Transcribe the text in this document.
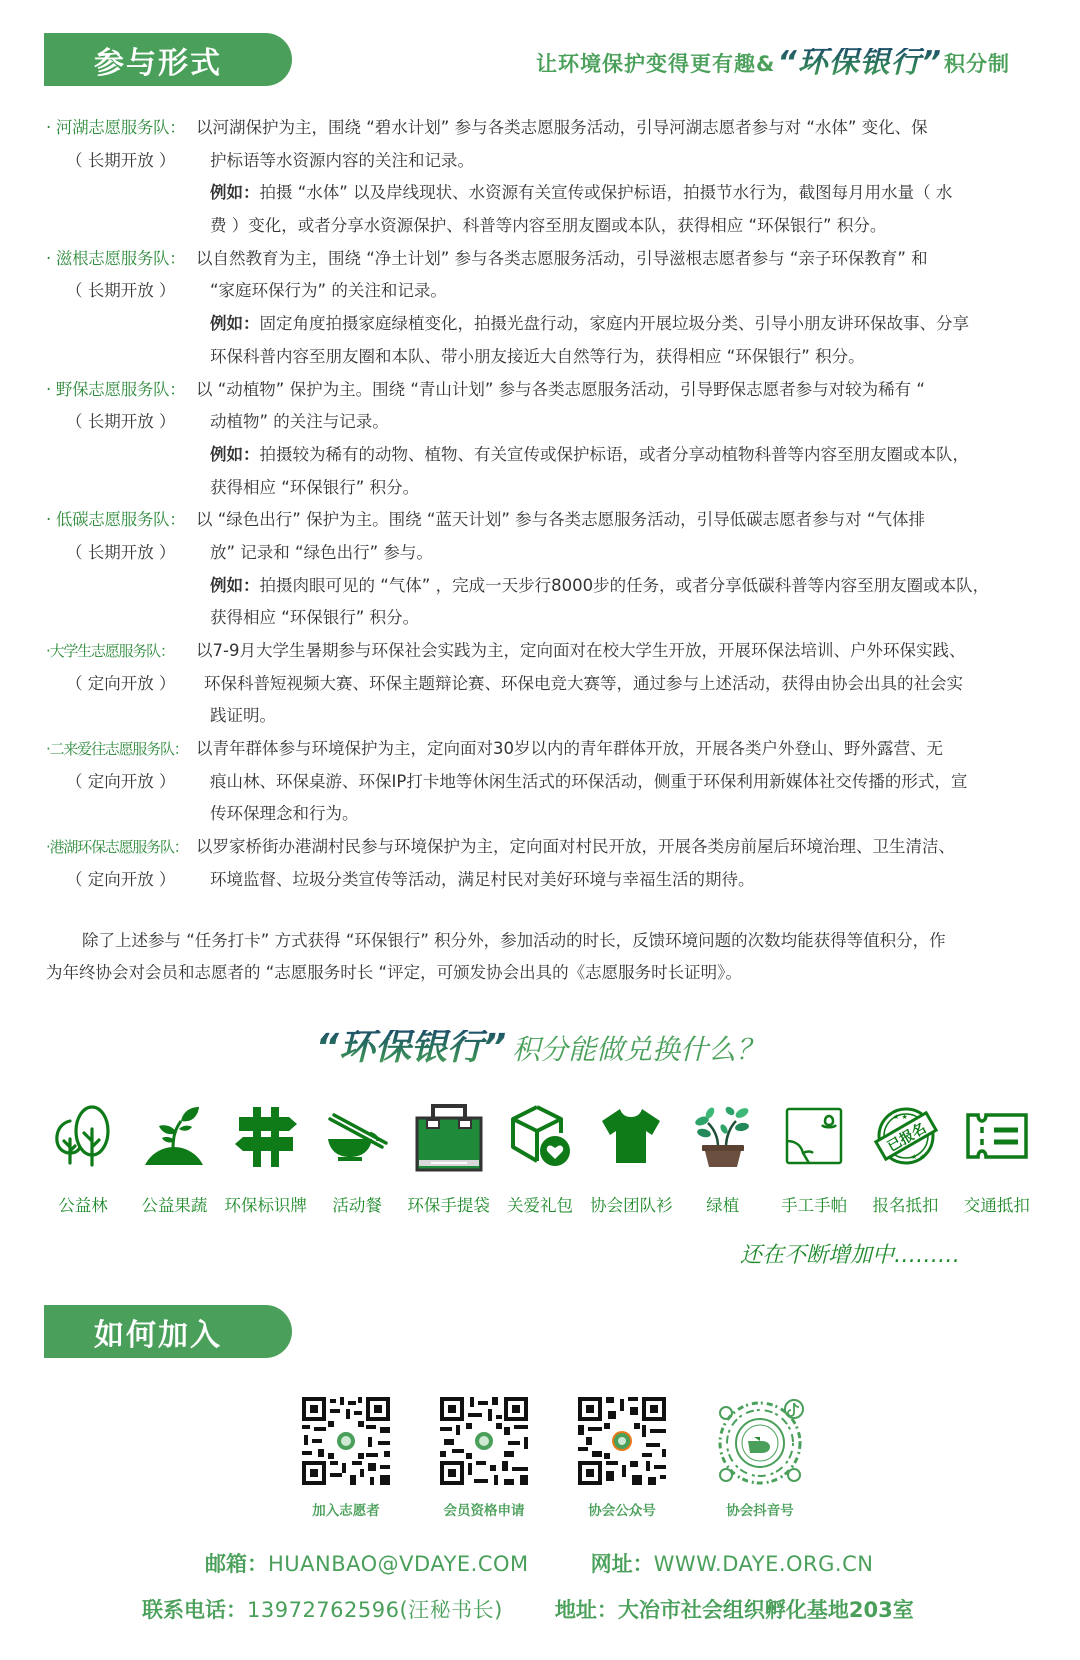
参与形式	让环境保护变得更有趣& “环保银行” 积分制
· 河湖志愿服务队：
（ 长期开放 ）
以河湖保护为主，围绕 “碧水计划” 参与各类志愿服务活动，引导河湖志愿者参与对 “水体” 变化、保
护标语等水资源内容的关注和记录。
例如：拍摄 “水体” 以及岸线现状、水资源有关宣传或保护标语，拍摄节水行为，截图每月用水量（ 水
费 ）变化，或者分享水资源保护、科普等内容至朋友圈或本队，获得相应 “环保银行” 积分。
· 滋根志愿服务队：
（ 长期开放 ）
以自然教育为主，围绕 “净土计划” 参与各类志愿服务活动，引导滋根志愿者参与 “亲子环保教育” 和
“家庭环保行为” 的关注和记录。
例如：固定角度拍摄家庭绿植变化，拍摄光盘行动，家庭内开展垃圾分类、引导小朋友讲环保故事、分享
环保科普内容至朋友圈和本队、带小朋友接近大自然等行为，获得相应 “环保银行” 积分。
· 野保志愿服务队：
（ 长期开放 ）
以 “动植物” 保护为主。围绕 “青山计划” 参与各类志愿服务活动，引导野保志愿者参与对较为稀有 “
动植物” 的关注与记录。
例如：拍摄较为稀有的动物、植物、有关宣传或保护标语，或者分享动植物科普等内容至朋友圈或本队，
获得相应 “环保银行” 积分。
· 低碳志愿服务队：
（ 长期开放 ）
以 “绿色出行” 保护为主。围绕 “蓝天计划” 参与各类志愿服务活动，引导低碳志愿者参与对 “气体排
放” 记录和 “绿色出行” 参与。
例如：拍摄肉眼可见的 “气体” ，完成一天步行8000步的任务，或者分享低碳科普等内容至朋友圈或本队，
获得相应 “环保银行” 积分。
·大学生志愿服务队：
（ 定向开放 ）
以7-9月大学生暑期参与环保社会实践为主，定向面对在校大学生开放，开展环保法培训、户外环保实践、
环保科普短视频大赛、环保主题辩论赛、环保电竞大赛等，通过参与上述活动，获得由协会出具的社会实
践证明。
·二来爱往志愿服务队：
（ 定向开放 ）
以青年群体参与环境保护为主，定向面对30岁以内的青年群体开放，开展各类户外登山、野外露营、无
痕山林、环保桌游、环保IP打卡地等休闲生活式的环保活动，侧重于环保利用新媒体社交传播的形式，宣
传环保理念和行为。
·港湖环保志愿服务队：
（ 定向开放 ）
以罗家桥街办港湖村民参与环境保护为主，定向面对村民开放，开展各类房前屋后环境治理、卫生清洁、
环境监督、垃圾分类宣传等活动，满足村民对美好环境与幸福生活的期待。
除了上述参与 “任务打卡” 方式获得 “环保银行” 积分外，参加活动的时长，反馈环境问题的次数均能获得等值积分，作
为年终协会对会员和志愿者的 “志愿服务时长 “评定，可颁发协会出具的《志愿服务时长证明》。
“环保银行” 积分能做兑换什么？
公益林 公益果蔬 环保标识牌 活动餐 环保手提袋 关爱礼包 协会团队衫 绿植	手工手帕
已报名
★ ★
★ ★
报名抵扣 交通抵扣
还在不断增加中………
如何加入
加入志愿者	会员资格申请	协会公众号	协会抖音号
邮箱：HUANBAO@VDAYE.COM	网址：WWW.DAYE.ORG.CN
联系电话：13972762596(汪秘书长) 地址：大冶市社会组织孵化基地203室
